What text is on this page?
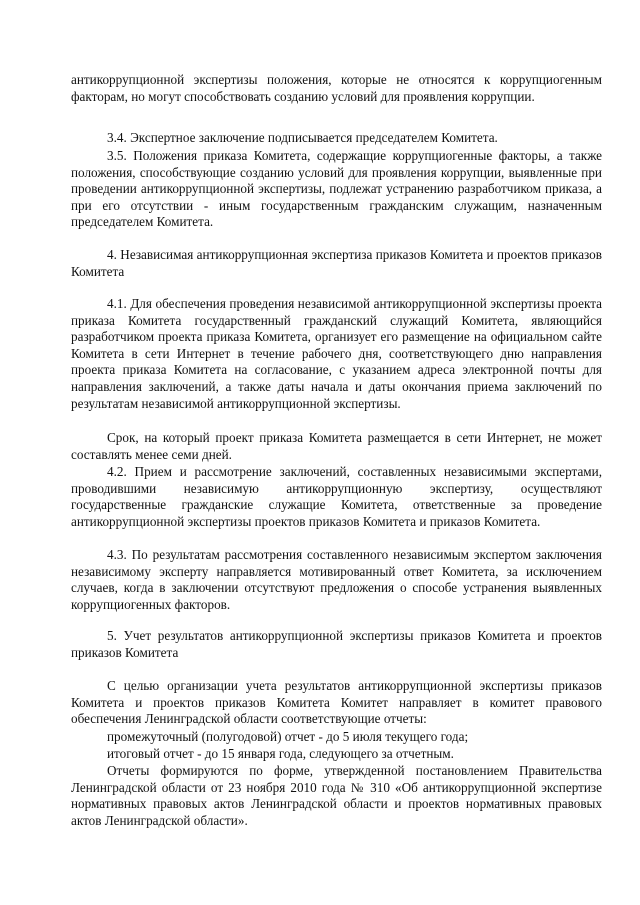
антикоррупционной экспертизы положения, которые не относятся к коррупциогенным факторам, но могут способствовать созданию условий для проявления коррупции.

3.4. Экспертное заключение подписывается председателем Комитета.

3.5. Положения приказа Комитета, содержащие коррупциогенные факторы, а также положения, способствующие созданию условий для проявления коррупции, выявленные при проведении антикоррупционной экспертизы, подлежат устранению разработчиком приказа, а при его отсутствии - иным государственным гражданским служащим, назначенным председателем Комитета.

4. Независимая антикоррупционная экспертиза приказов Комитета и проектов приказов Комитета

4.1. Для обеспечения проведения независимой антикоррупционной экспертизы проекта приказа Комитета государственный гражданский служащий Комитета, являющийся разработчиком проекта приказа Комитета, организует его размещение на официальном сайте Комитета в сети Интернет в течение рабочего дня, соответствующего дню направления проекта приказа Комитета на согласование, с указанием адреса электронной почты для направления заключений, а также даты начала и даты окончания приема заключений по результатам независимой антикоррупционной экспертизы.

Срок, на который проект приказа Комитета размещается в сети Интернет, не может составлять менее семи дней.

4.2. Прием и рассмотрение заключений, составленных независимыми экспертами, проводившими независимую антикоррупционную экспертизу, осуществляют государственные гражданские служащие Комитета, ответственные за проведение антикоррупционной экспертизы проектов приказов Комитета и приказов Комитета.

4.3. По результатам рассмотрения составленного независимым экспертом заключения независимому эксперту направляется мотивированный ответ Комитета, за исключением случаев, когда в заключении отсутствуют предложения о способе устранения выявленных коррупциогенных факторов.

5. Учет результатов антикоррупционной экспертизы приказов Комитета и проектов приказов Комитета

С целью организации учета результатов антикоррупционной экспертизы приказов Комитета и проектов приказов Комитета Комитет направляет в комитет правового обеспечения Ленинградской области соответствующие отчеты:

промежуточный (полугодовой) отчет - до 5 июля текущего года;

итоговый отчет - до 15 января года, следующего за отчетным.

Отчеты формируются по форме, утвержденной постановлением Правительства Ленинградской области от 23 ноября 2010 года № 310 «Об антикоррупционной экспертизе нормативных правовых актов Ленинградской области и проектов нормативных правовых актов Ленинградской области».
